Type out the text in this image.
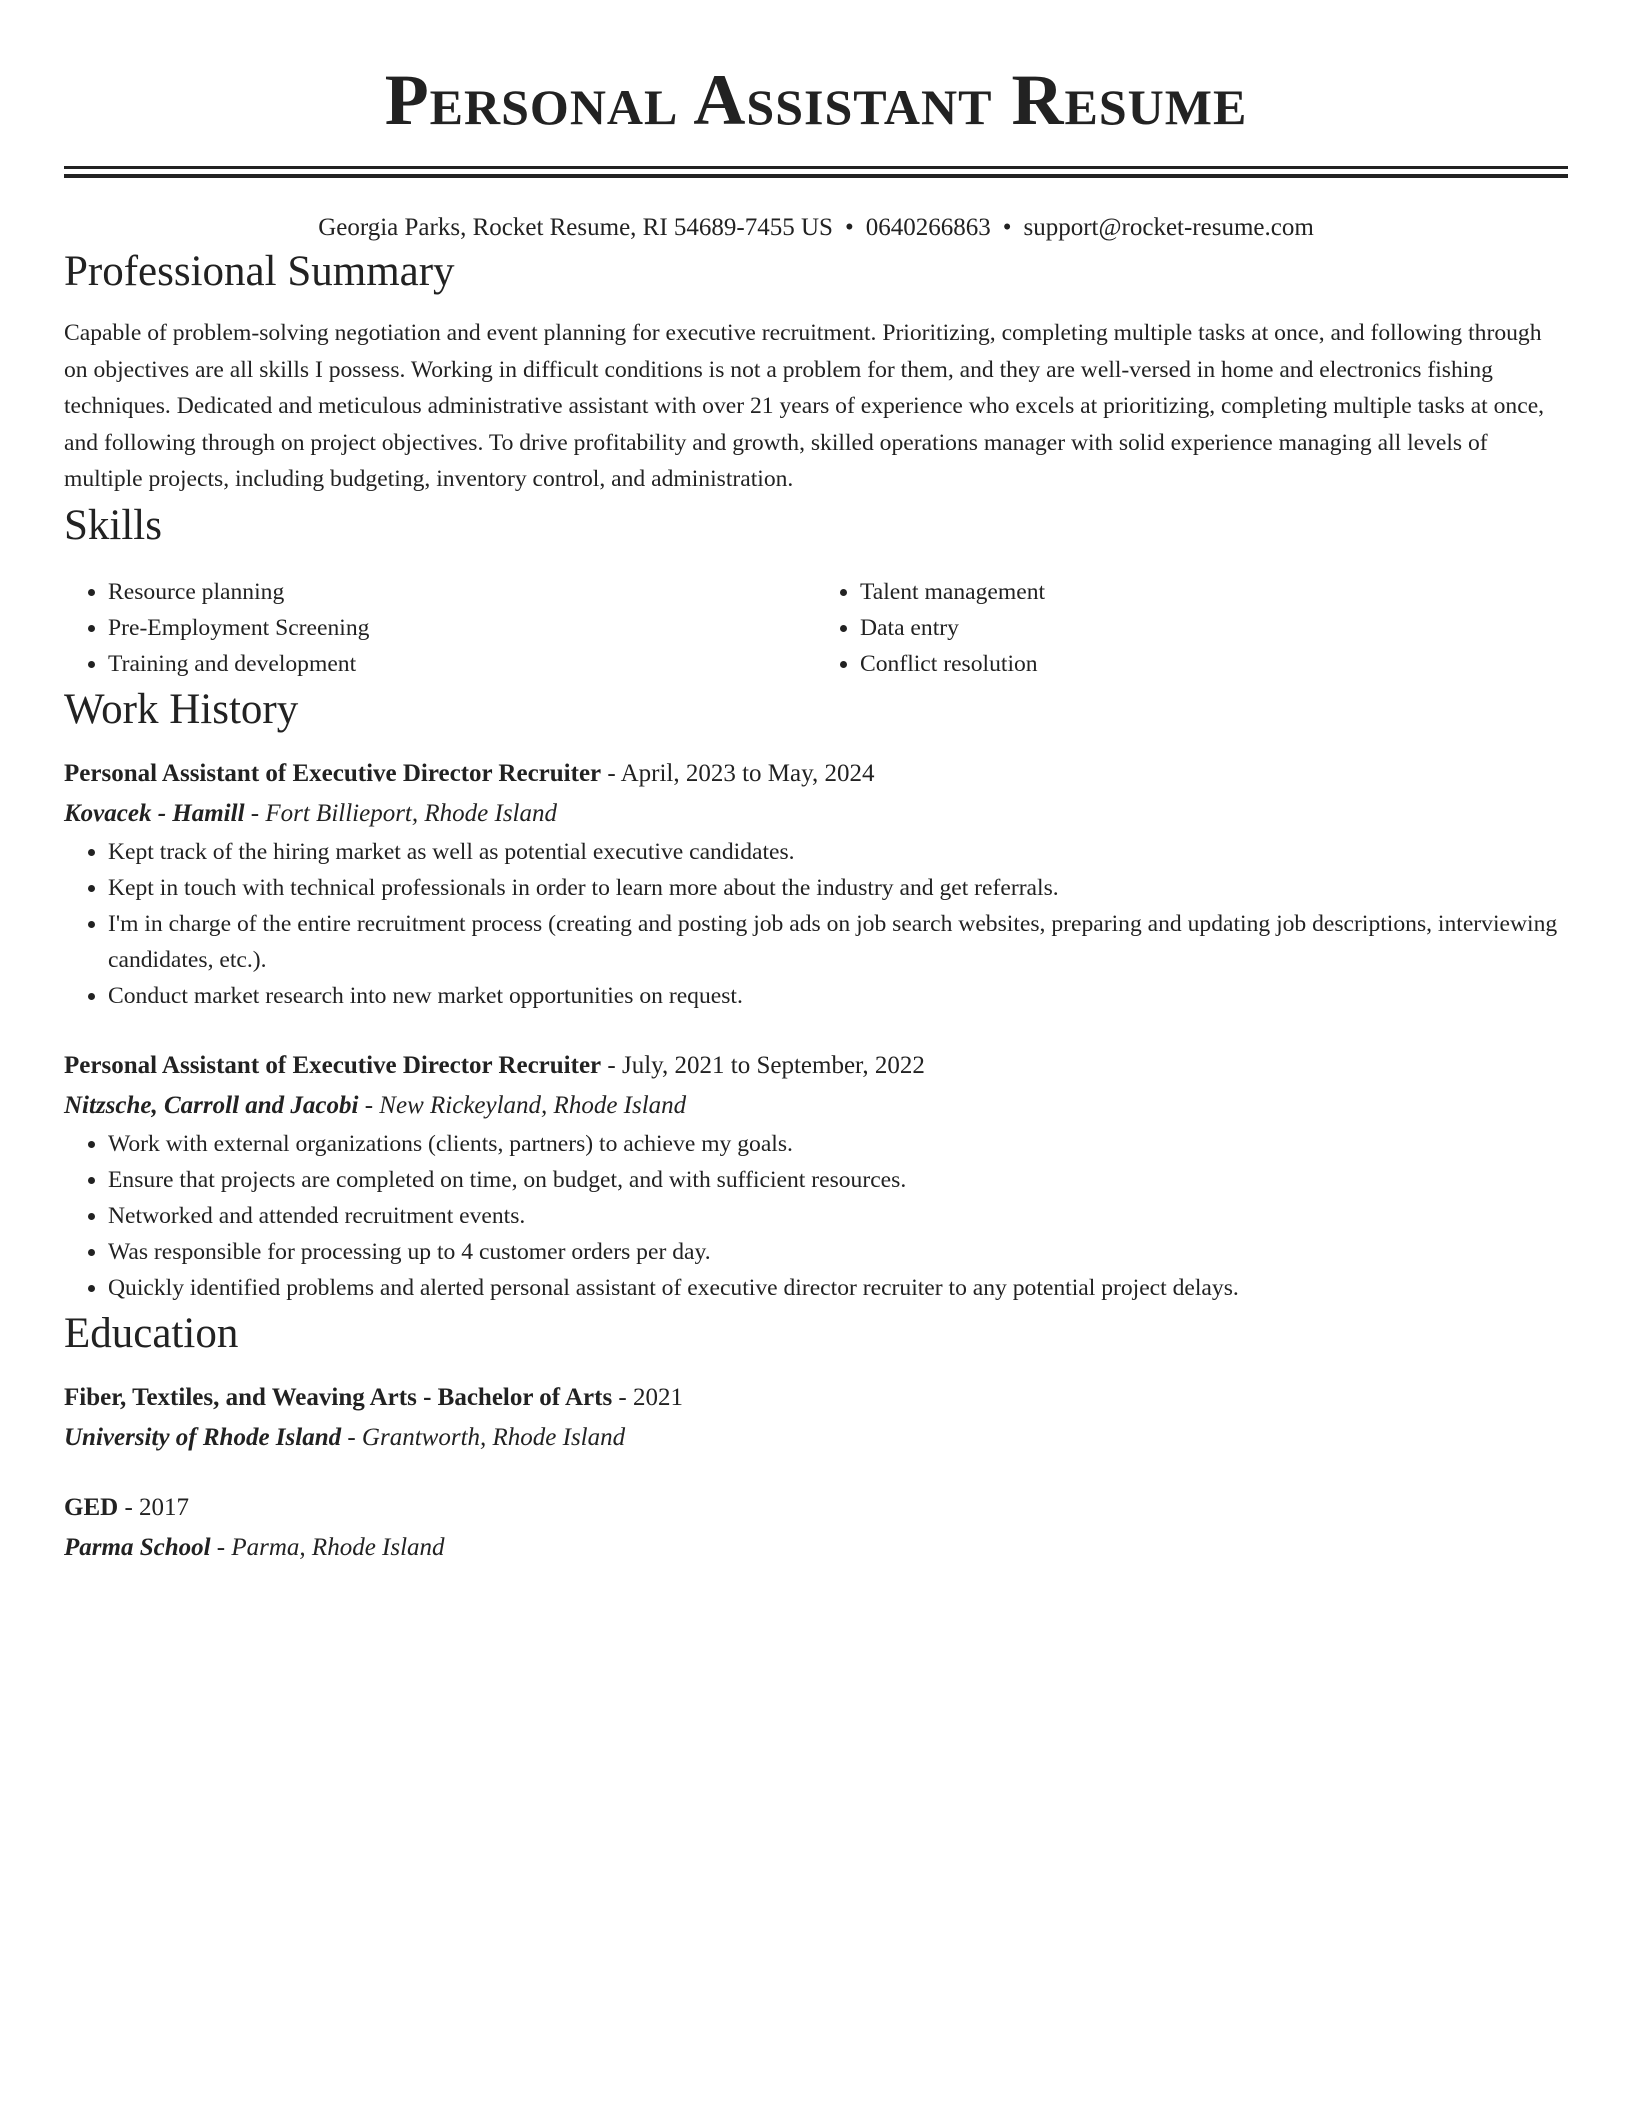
Personal Assistant Resume
Georgia Parks, Rocket Resume, RI 54689-7455 US • 0640266863 • support@rocket-resume.com
Professional Summary

Capable of problem-solving negotiation and event planning for executive recruitment. Prioritizing, completing multiple tasks at once, and following through on objectives are all skills I possess. Working in difficult conditions is not a problem for them, and they are well-versed in home and electronics fishing techniques. Dedicated and meticulous administrative assistant with over 21 years of experience who excels at prioritizing, completing multiple tasks at once, and following through on project objectives. To drive profitability and growth, skilled operations manager with solid experience managing all levels of multiple projects, including budgeting, inventory control, and administration.

Skills
• Resource planning
• Pre-Employment Screening
• Training and development
• Talent management
• Data entry
• Conflict resolution
Work History
Personal Assistant of Executive Director Recruiter - April, 2023 to May, 2024
Kovacek - Hamill - Fort Billieport, Rhode Island
• Kept track of the hiring market as well as potential executive candidates.
• Kept in touch with technical professionals in order to learn more about the industry and get referrals.
• I'm in charge of the entire recruitment process (creating and posting job ads on job search websites, preparing and updating job descriptions, interviewing candidates, etc.).
• Conduct market research into new market opportunities on request.
Personal Assistant of Executive Director Recruiter - July, 2021 to September, 2022
Nitzsche, Carroll and Jacobi - New Rickeyland, Rhode Island
• Work with external organizations (clients, partners) to achieve my goals.
• Ensure that projects are completed on time, on budget, and with sufficient resources.
• Networked and attended recruitment events.
• Was responsible for processing up to 4 customer orders per day.
• Quickly identified problems and alerted personal assistant of executive director recruiter to any potential project delays.
Education
Fiber, Textiles, and Weaving Arts - Bachelor of Arts - 2021
University of Rhode Island - Grantworth, Rhode Island
GED - 2017
Parma School - Parma, Rhode Island
